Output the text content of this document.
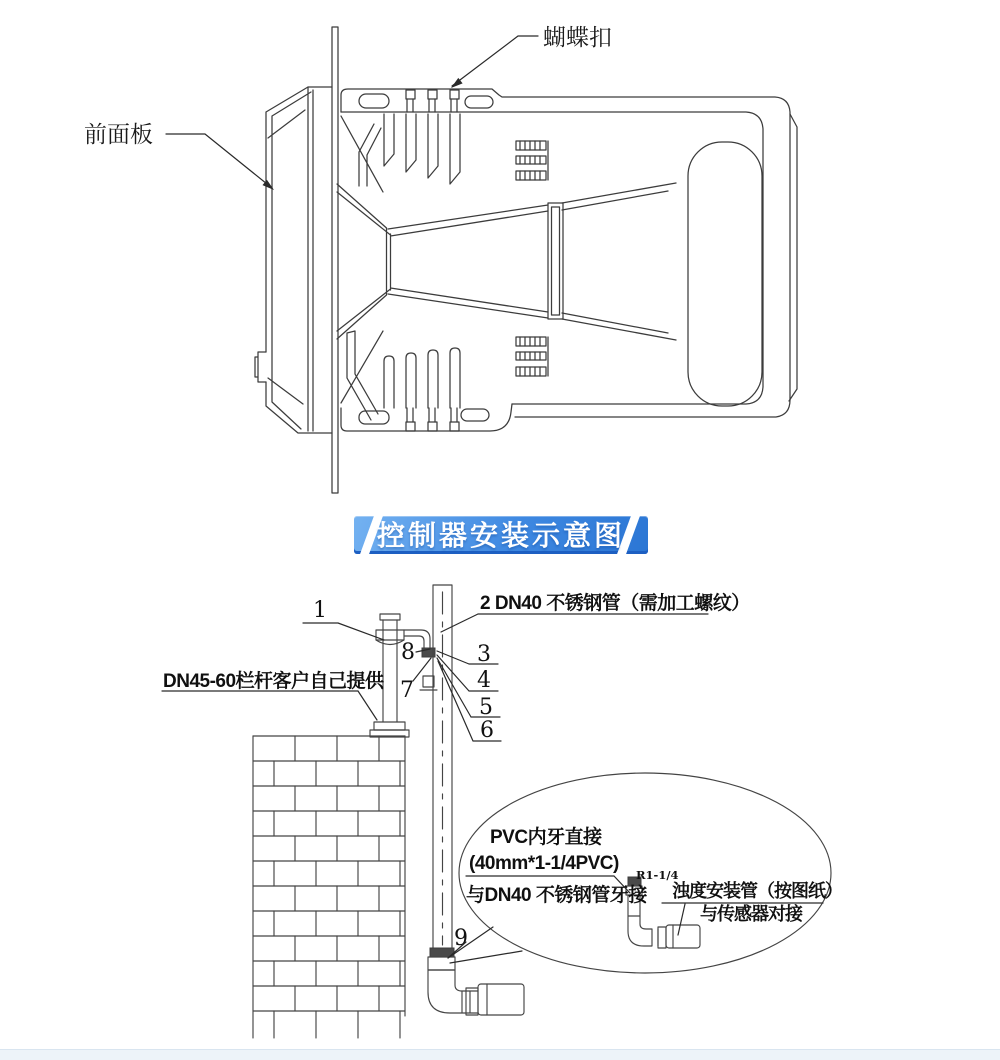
蝴蝶扣
前面板
PVC内牙直接
(40mm*1-1/4PVC)
与DN40 不锈钢管牙接
R1-1/4
浊度安装管（按图纸）
与传感器对接
1	2 DN40 不锈钢管（需加工螺纹）
3
4
5
6
7
8
9
DN45-60栏杆客户自己提供
控制器安装示意图
